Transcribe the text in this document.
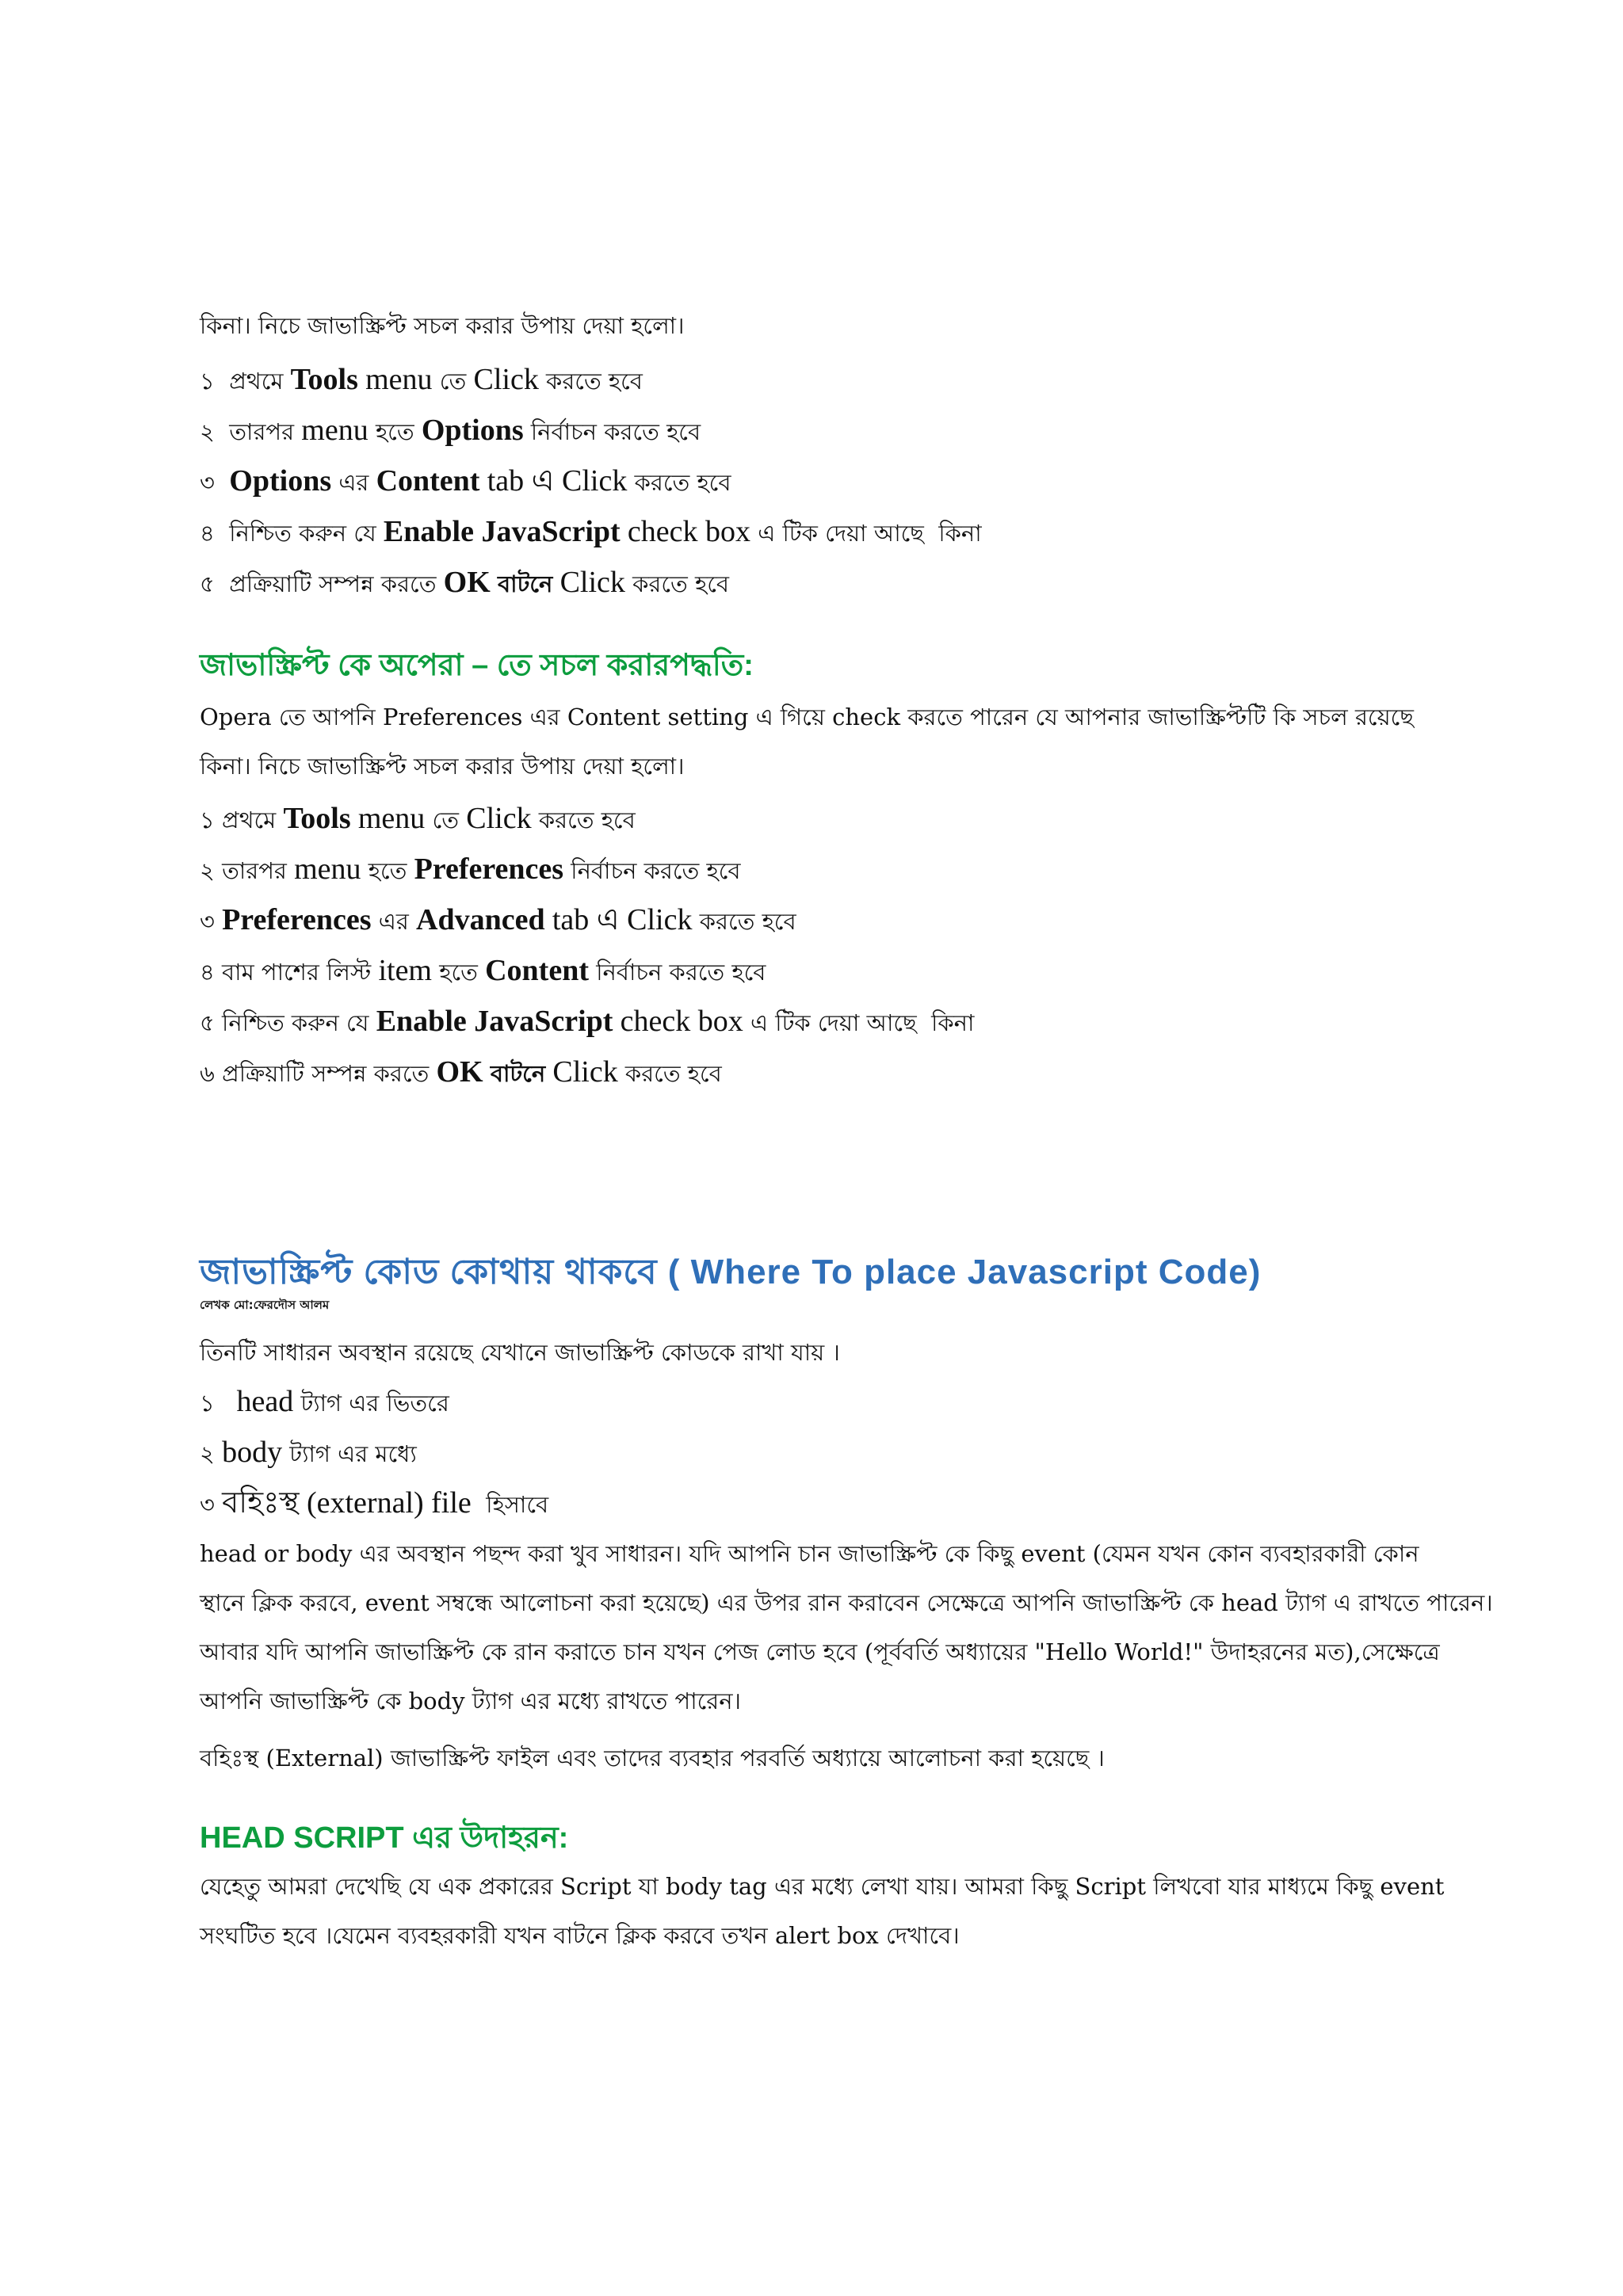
কিনা। নিচে জাভাস্ক্রিপ্ট সচল করার উপায় দেয়া হলো।
১ প্রথমে Tools menu তে Click করতে হবে
২ তারপর menu হতে Options নির্বাচন করতে হবে
৩ Options এর Content tab এ Click করতে হবে
৪ নিশ্চিত করুন যে Enable JavaScript check box এ টিক দেয়া আছে কিনা
৫ প্রক্রিয়াটি সম্পন্ন করতে OK বাটনে Click করতে হবে
জাভাস্ক্রিপ্ট কে অপেরা – তে সচল করারপদ্ধতি:
Opera তে আপনি Preferences এর Content setting এ গিয়ে check করতে পারেন যে আপনার জাভাস্ক্রিপ্টটি কি সচল রয়েছে
কিনা। নিচে জাভাস্ক্রিপ্ট সচল করার উপায় দেয়া হলো।
১ প্রথমে Tools menu তে Click করতে হবে
২ তারপর menu হতে Preferences নির্বাচন করতে হবে
৩ Preferences এর Advanced tab এ Click করতে হবে
৪ বাম পাশের লিস্ট item হতে Content নির্বাচন করতে হবে
৫ নিশ্চিত করুন যে Enable JavaScript check box এ টিক দেয়া আছে কিনা
৬ প্রক্রিয়াটি সম্পন্ন করতে OK বাটনে Click করতে হবে
জাভাস্ক্রিপ্ট কোড কোথায় থাকবে ( Where To place Javascript Code)
লেখক মো:ফেরদৌস আলম
তিনটি সাধারন অবস্থান রয়েছে যেখানে জাভাস্ক্রিপ্ট কোডকে রাখা যায় ।
১ head ট্যাগ এর ভিতরে
২ body ট্যাগ এর মধ্যে
৩ বহিঃস্থ (external) file হিসাবে
head or body এর অবস্থান পছন্দ করা খুব সাধারন। যদি আপনি চান জাভাস্ক্রিপ্ট কে কিছু event (যেমন যখন কোন ব্যবহারকারী কোন
স্থানে ক্লিক করবে, event সম্বন্ধে আলোচনা করা হয়েছে) এর উপর রান করাবেন সেক্ষেত্রে আপনি জাভাস্ক্রিপ্ট কে head ট্যাগ এ রাখতে পারেন।
আবার যদি আপনি জাভাস্ক্রিপ্ট কে রান করাতে চান যখন পেজ লোড হবে (পূর্ববর্তি অধ্যায়ের "Hello World!" উদাহরনের মত),সেক্ষেত্রে
আপনি জাভাস্ক্রিপ্ট কে body ট্যাগ এর মধ্যে রাখতে পারেন।
বহিঃস্থ (External) জাভাস্ক্রিপ্ট ফাইল এবং তাদের ব্যবহার পরবর্তি অধ্যায়ে আলোচনা করা হয়েছে ।
HEAD SCRIPT এর উদাহরন:
যেহেতু আমরা দেখেছি যে এক প্রকারের Script যা body tag এর মধ্যে লেখা যায়। আমরা কিছু Script লিখবো যার মাধ্যমে কিছু event
সংঘটিত হবে ।যেমেন ব্যবহরকারী যখন বাটনে ক্লিক করবে তখন alert box দেখাবে।
